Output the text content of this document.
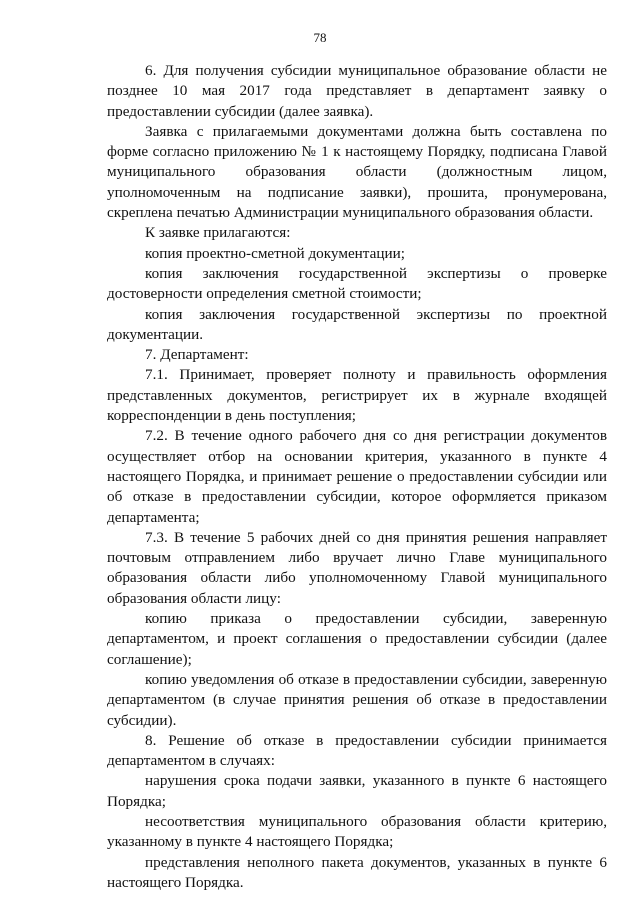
78

6. Для получения субсидии муниципальное образование области не позднее 10 мая 2017 года представляет в департамент заявку о предоставлении субсидии (далее заявка).

Заявка с прилагаемыми документами должна быть составлена по форме согласно приложению № 1 к настоящему Порядку, подписана Главой муниципального образования области (должностным лицом, уполномоченным на подписание заявки), прошита, пронумерована, скреплена печатью Администрации муниципального образования области.

К заявке прилагаются:

копия проектно-сметной документации;

копия заключения государственной экспертизы о проверке достоверности определения сметной стоимости;

копия заключения государственной экспертизы по проектной документации.

7. Департамент:

7.1. Принимает, проверяет полноту и правильность оформления представленных документов, регистрирует их в журнале входящей корреспонденции в день поступления;

7.2. В течение одного рабочего дня со дня регистрации документов осуществляет отбор на основании критерия, указанного в пункте 4 настоящего Порядка, и принимает решение о предоставлении субсидии или об отказе в предоставлении субсидии, которое оформляется приказом департамента;

7.3. В течение 5 рабочих дней со дня принятия решения направляет почтовым отправлением либо вручает лично Главе муниципального образования области либо уполномоченному Главой муниципального образования области лицу:

копию приказа о предоставлении субсидии, заверенную департаментом, и проект соглашения о предоставлении субсидии (далее соглашение);

копию уведомления об отказе в предоставлении субсидии, заверенную департаментом (в случае принятия решения об отказе в предоставлении субсидии).

8. Решение об отказе в предоставлении субсидии принимается департаментом в случаях:

нарушения срока подачи заявки, указанного в пункте 6 настоящего Порядка;

несоответствия муниципального образования области критерию, указанному в пункте 4 настоящего Порядка;

представления неполного пакета документов, указанных в пункте 6 настоящего Порядка.
